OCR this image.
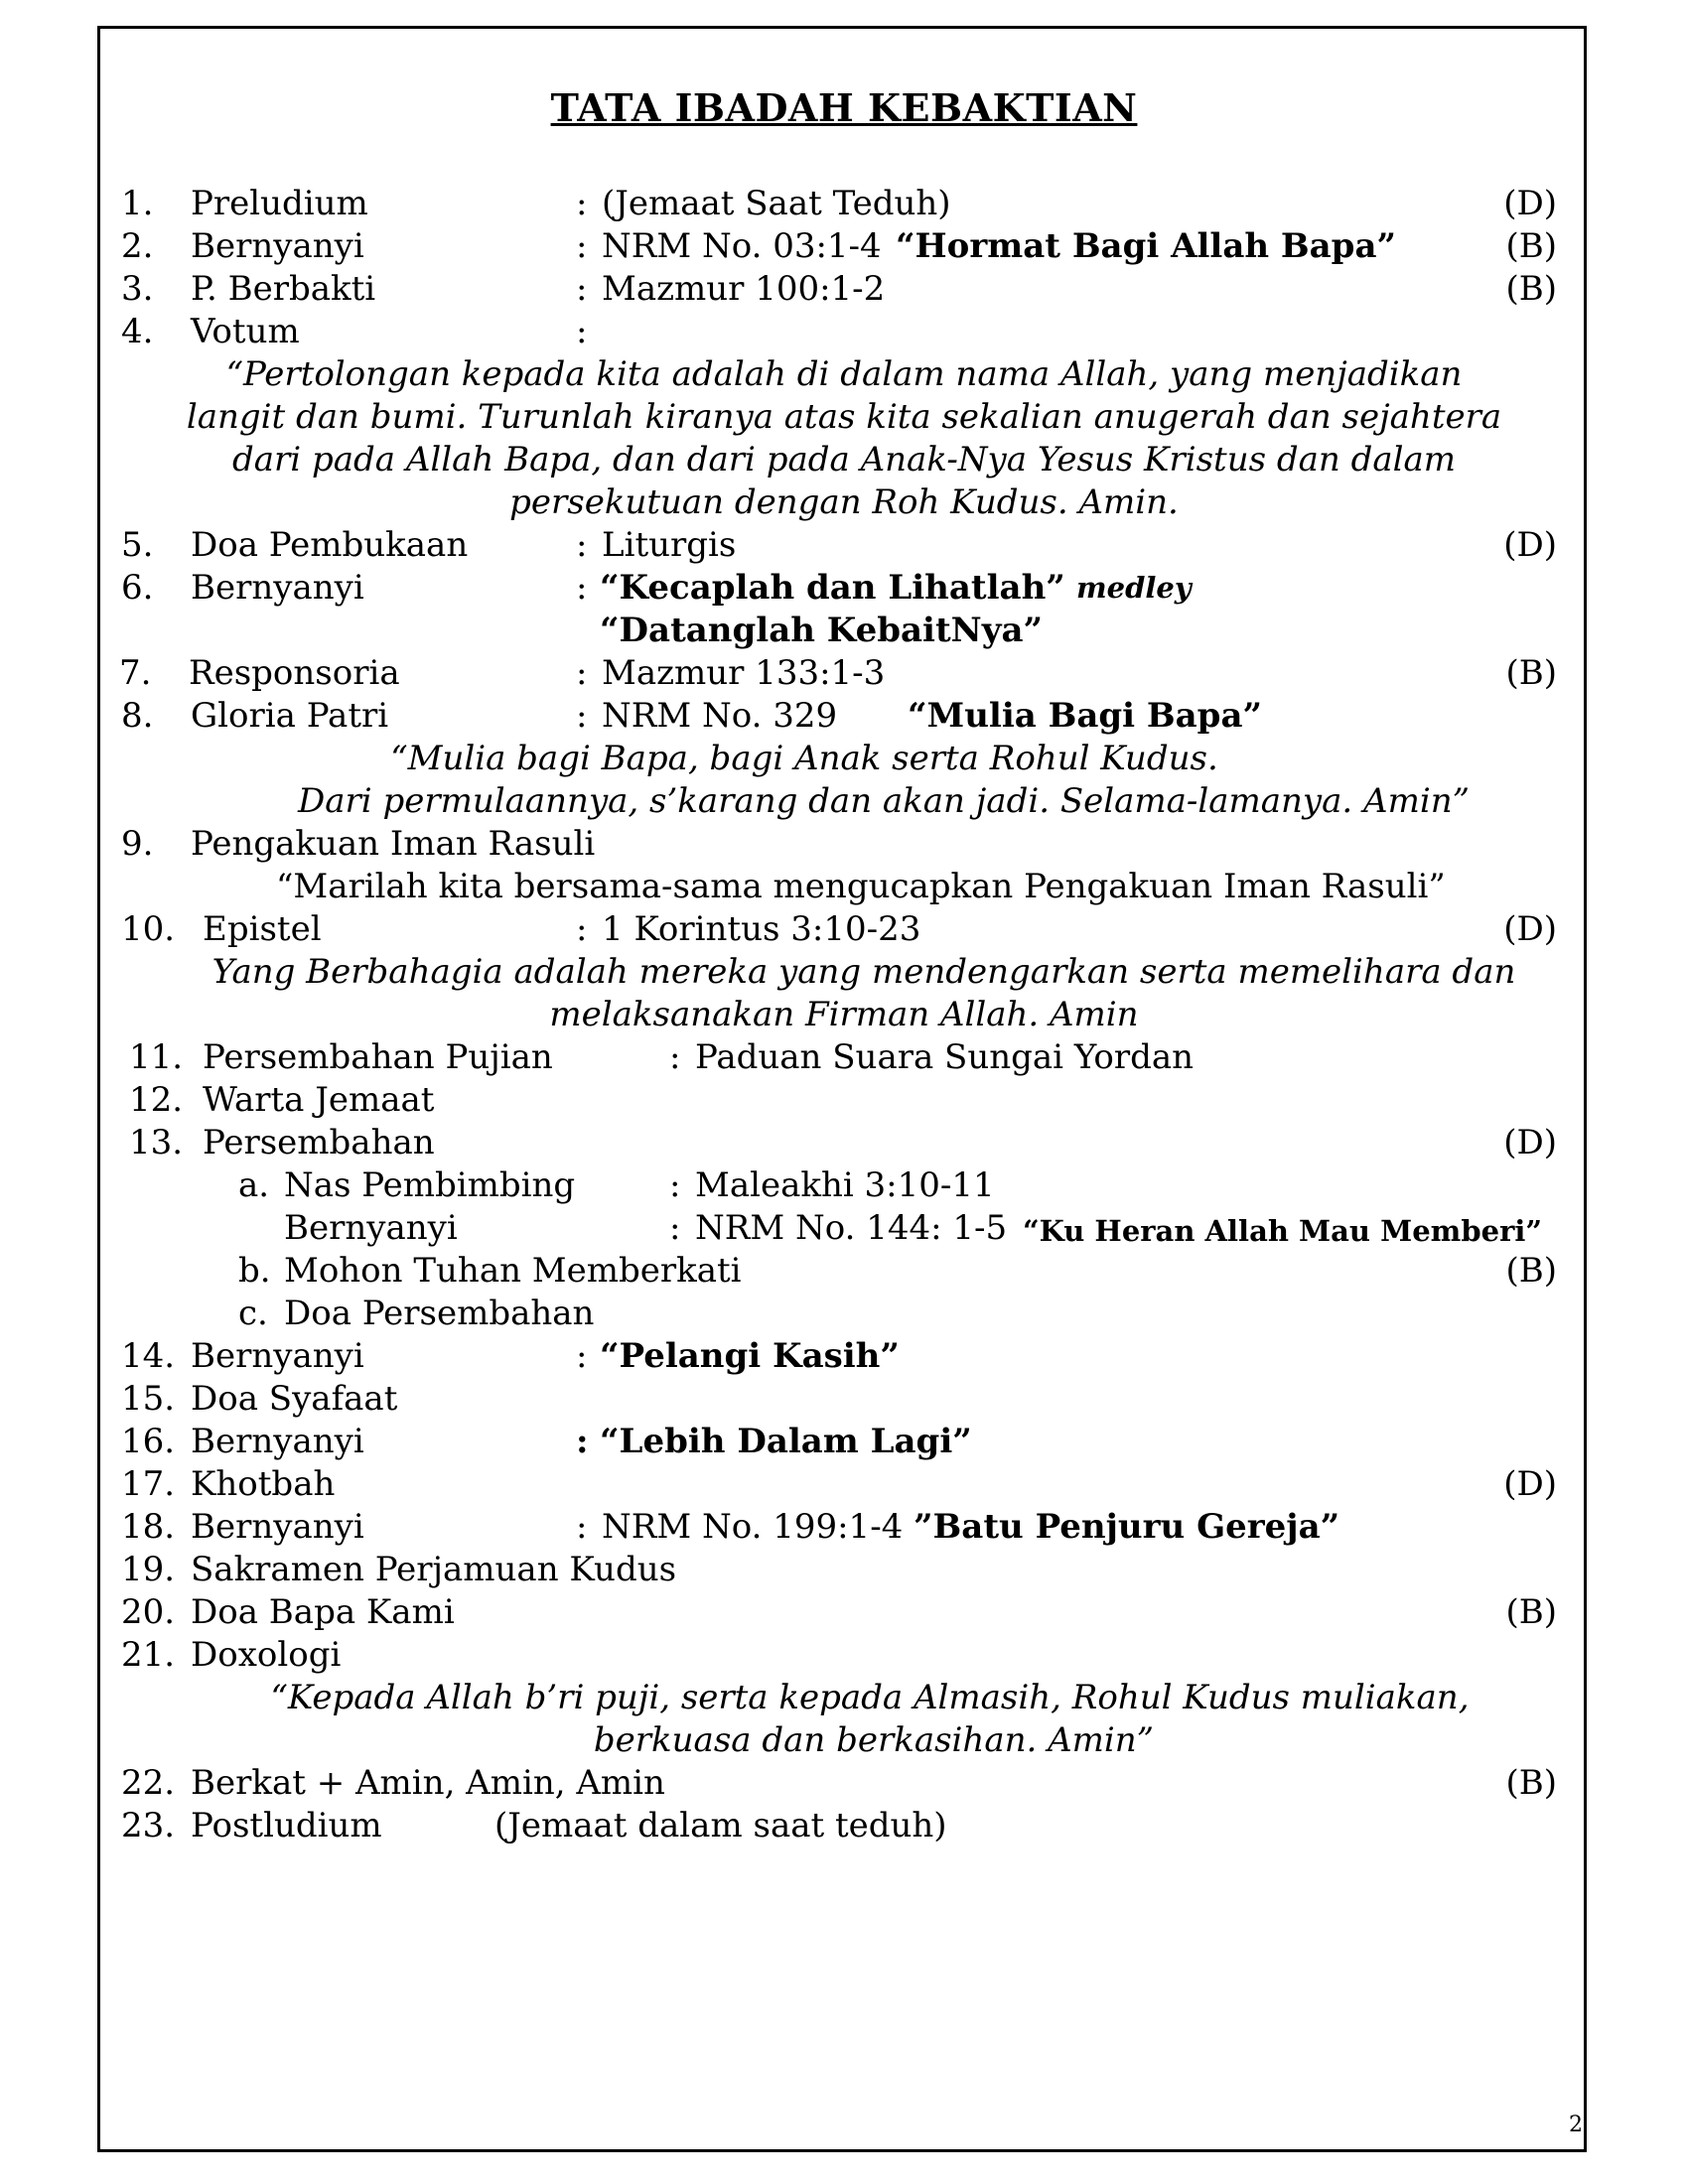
TATA IBADAH KEBAKTIAN
1. Preludium	: (Jemaat Saat Teduh)	(D)
2. Bernyanyi	: NRM No. 03:1-4 “Hormat Bagi Allah Bapa”	(B)
3. P. Berbakti	: Mazmur 100:1-2	(B)
4. Votum	:
“Pertolongan kepada kita adalah di dalam nama Allah, yang menjadikan
langit dan bumi. Turunlah kiranya atas kita sekalian anugerah dan sejahtera
dari pada Allah Bapa, dan dari pada Anak-Nya Yesus Kristus dan dalam
persekutuan dengan Roh Kudus. Amin.
5. Doa Pembukaan	: Liturgis	(D)
6. Bernyanyi	: “Kecaplah dan Lihatlah” medley
“Datanglah KebaitNya”
7. Responsoria	: Mazmur 133:1-3	(B)
8. Gloria Patri	: NRM No. 329 “Mulia Bagi Bapa”
“Mulia bagi Bapa, bagi Anak serta Rohul Kudus.
Dari permulaannya, s’karang dan akan jadi. Selama-lamanya. Amin”
9. Pengakuan Iman Rasuli
“Marilah kita bersama-sama mengucapkan Pengakuan Iman Rasuli”
10. Epistel	: 1 Korintus 3:10-23	(D)
Yang Berbahagia adalah mereka yang mendengarkan serta memelihara dan
melaksanakan Firman Allah. Amin
11. Persembahan Pujian	: Paduan Suara Sungai Yordan
12. Warta Jemaat
13. Persembahan	(D)
a. Nas Pembimbing	: Maleakhi 3:10-11
Bernyanyi	: NRM No. 144: 1-5 “Ku Heran Allah Mau Memberi”
b. Mohon Tuhan Memberkati	(B)
c. Doa Persembahan
14. Bernyanyi	: “Pelangi Kasih”
15. Doa Syafaat
16. Bernyanyi	: “Lebih Dalam Lagi”
17. Khotbah	(D)
18. Bernyanyi	: NRM No. 199:1-4 ”Batu Penjuru Gereja”
19. Sakramen Perjamuan Kudus
20. Doa Bapa Kami	(B)
21. Doxologi
“Kepada Allah b’ri puji, serta kepada Almasih, Rohul Kudus muliakan,
berkuasa dan berkasihan. Amin”
22. Berkat + Amin, Amin, Amin	(B)
23. Postludium	(Jemaat dalam saat teduh)
2
